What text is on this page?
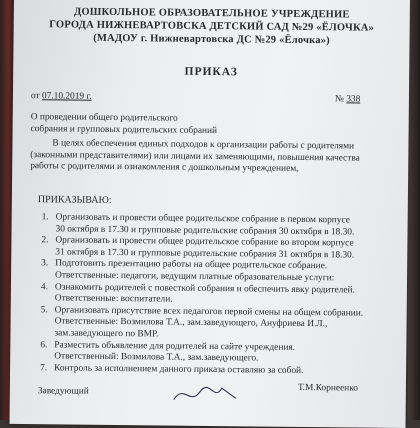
ДОШКОЛЬНОЕ ОБРАЗОВАТЕЛЬНОЕ УЧРЕЖДЕНИЕ
ГОРОДА НИЖНЕВАРТОВСКА ДЕТСКИЙ САД №29 «ЁЛОЧКА»
(МАДОУ г. Нижневартовска ДС №29 «Ёлочка»)
ПРИКАЗ
от 07.10.2019 г.	№ 338
О проведении общего родительского
собрания и групповых родительских собраний
В целях обеспечения единых подходов к организации работы с родителями
(законными представителями) или лицами их заменяющими, повышения качества
работы с родителями и ознакомления с дошкольным учреждением,
ПРИКАЗЫВАЮ:
1. Организовать и провести общее родительское собрание в первом корпусе
30 октября в 17.30 и групповые родительские собрания 30 октября в 18.30.
2. Организовать и провести общее родительское собрание во втором корпусе
31 октября в 17.30 и групповые родительские собрания 31 октября в 18.30.
3. Подготовить презентацию работы на общее родительское собрание.
Ответственные: педагоги, ведущим платные образовательные услуги:
4. Ознакомить родителей с повесткой собрания и обеспечить явку родителей.
Ответственные: воспитатели.
5. Организовать присутствие всех педагогов первой смены на общем собрании.
Ответственные: Возмилова Т.А., зам.заведующего, Ануфриева И.Л.,
зам.заведующего по ВМР.
6. Разместить объявление для родителей на сайте учреждения.
Ответственный: Возмилова Т.А., зам.заведующего.
7. Контроль за исполнением данного приказа оставляю за собой.
Заведующий	Т.М.Корнеенко
